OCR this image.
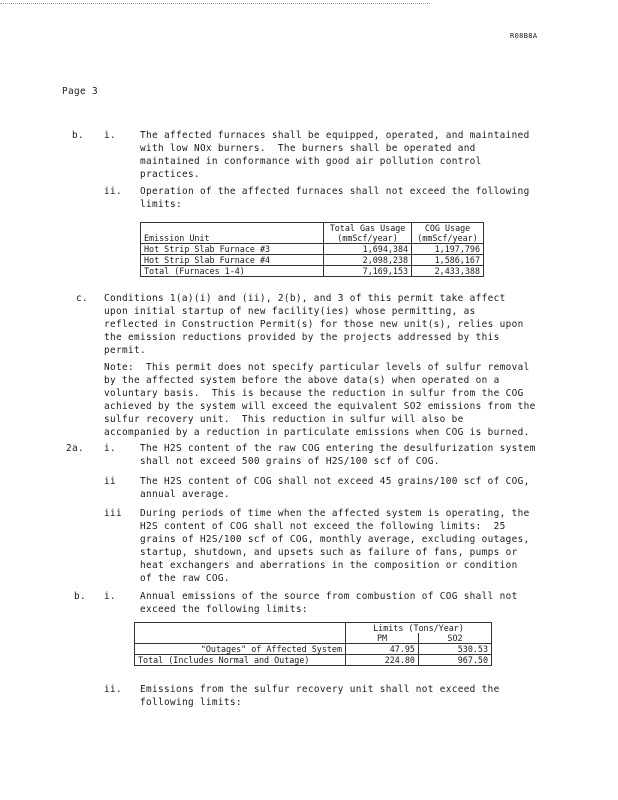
R08B8A
Page 3
b. i.	The affected furnaces shall be equipped, operated, and maintained
with low NOx burners.  The burners shall be operated and
maintained in conformance with good air pollution control
practices.
ii. Operation of the affected furnaces shall not exceed the following
limits:
	Total Gas Usage	COG Usage
Emission Unit	(mmScf/year)	(mmScf/year)
Hot Strip Slab Furnace #3	1,694,384	1,197,796
Hot Strip Slab Furnace #4	2,098,238	1,586,167
Total (Furnaces 1-4)	7,169,153	2,433,388
c. Conditions 1(a)(i) and (ii), 2(b), and 3 of this permit take affect
upon initial startup of new facility(ies) whose permitting, as
reflected in Construction Permit(s) for those new unit(s), relies upon
the emission reductions provided by the projects addressed by this
permit.
Note:  This permit does not specify particular levels of sulfur removal
by the affected system before the above data(s) when operated on a
voluntary basis.  This is because the reduction in sulfur from the COG
achieved by the system will exceed the equivalent SO2 emissions from the
sulfur recovery unit.  This reduction in sulfur will also be
accompanied by a reduction in particulate emissions when COG is burned.
2a. i.	The H2S content of the raw COG entering the desulfurization system
shall not exceed 500 grains of H2S/100 scf of COG.
ii	The H2S content of COG shall not exceed 45 grains/100 scf of COG,
annual average.
iii During periods of time when the affected system is operating, the
H2S content of COG shall not exceed the following limits:  25
grains of H2S/100 scf of COG, monthly average, excluding outages,
startup, shutdown, and upsets such as failure of fans, pumps or
heat exchangers and aberrations in the composition or condition
of the raw COG.
b. i.	Annual emissions of the source from combustion of COG shall not
exceed the following limits:
	Limits (Tons/Year)	
	PM	SO2
"Outages" of Affected System	47.95	530.53
Total (Includes Normal and Outage)	224.80	967.50
ii. Emissions from the sulfur recovery unit shall not exceed the
following limits:
